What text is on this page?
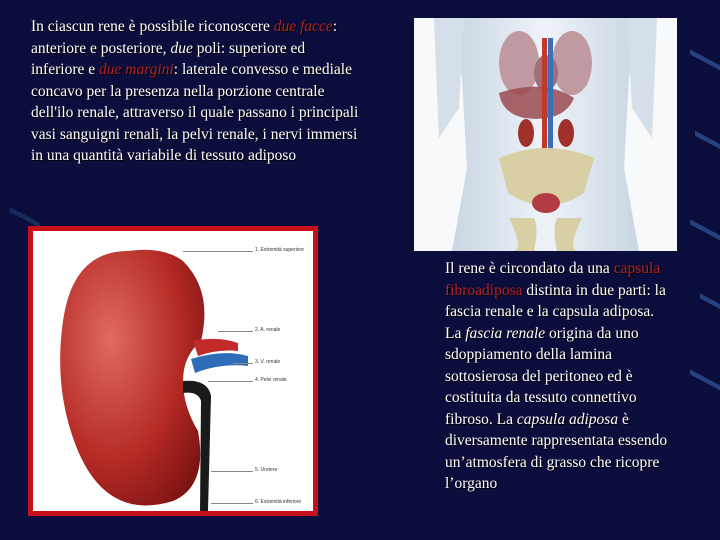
In ciascun rene è possibile riconoscere due facce: anteriore e posteriore, due poli: superiore ed inferiore e due margini: laterale convesso e mediale concavo per la presenza nella porzione centrale dell'ilo renale, attraverso il quale passano i principali vasi sanguigni renali, la pelvi renale, i nervi immersi in una quantità variabile di tessuto adiposo
1. Estremità superiore
2. A. renale
3. V. renale
4. Pelvi renale
5. Uretere
6. Estremità inferiore
Il rene è circondato da una capsula fibroadiposa distinta in due parti: la fascia renale e la capsula adiposa. La fascia renale origina da uno sdoppiamento della lamina sottosierosa del peritoneo ed è costituita da tessuto connettivo fibroso. La capsula adiposa è diversamente rappresentata essendo un’atmosfera di grasso che ricopre l’organo
